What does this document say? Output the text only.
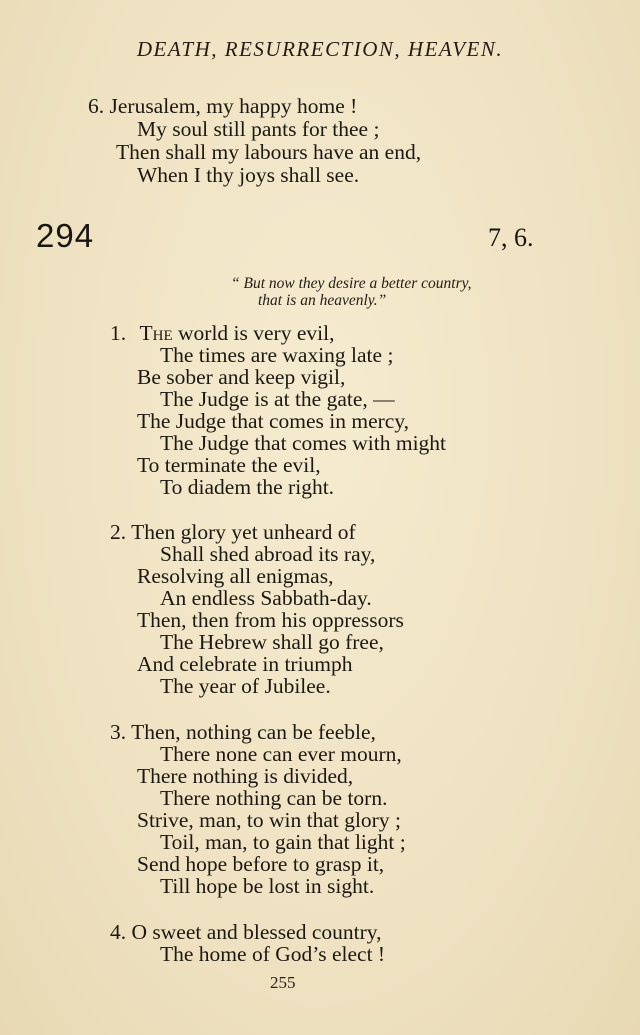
DEATH, RESURRECTION, HEAVEN.
6. Jerusalem, my happy home !
My soul still pants for thee ;
Then shall my labours have an end,
When I thy joys shall see.
294	7, 6.
“ But now they desire a better country,
that is an heavenly.”
1. The world is very evil,
The times are waxing late ;
Be sober and keep vigil,
The Judge is at the gate, —
The Judge that comes in mercy,
The Judge that comes with might
To terminate the evil,
To diadem the right.
2. Then glory yet unheard of
Shall shed abroad its ray,
Resolving all enigmas,
An endless Sabbath-day.
Then, then from his oppressors
The Hebrew shall go free,
And celebrate in triumph
The year of Jubilee.
3. Then, nothing can be feeble,
There none can ever mourn,
There nothing is divided,
There nothing can be torn.
Strive, man, to win that glory ;
Toil, man, to gain that light ;
Send hope before to grasp it,
Till hope be lost in sight.
4. O sweet and blessed country,
The home of God’s elect !
255
